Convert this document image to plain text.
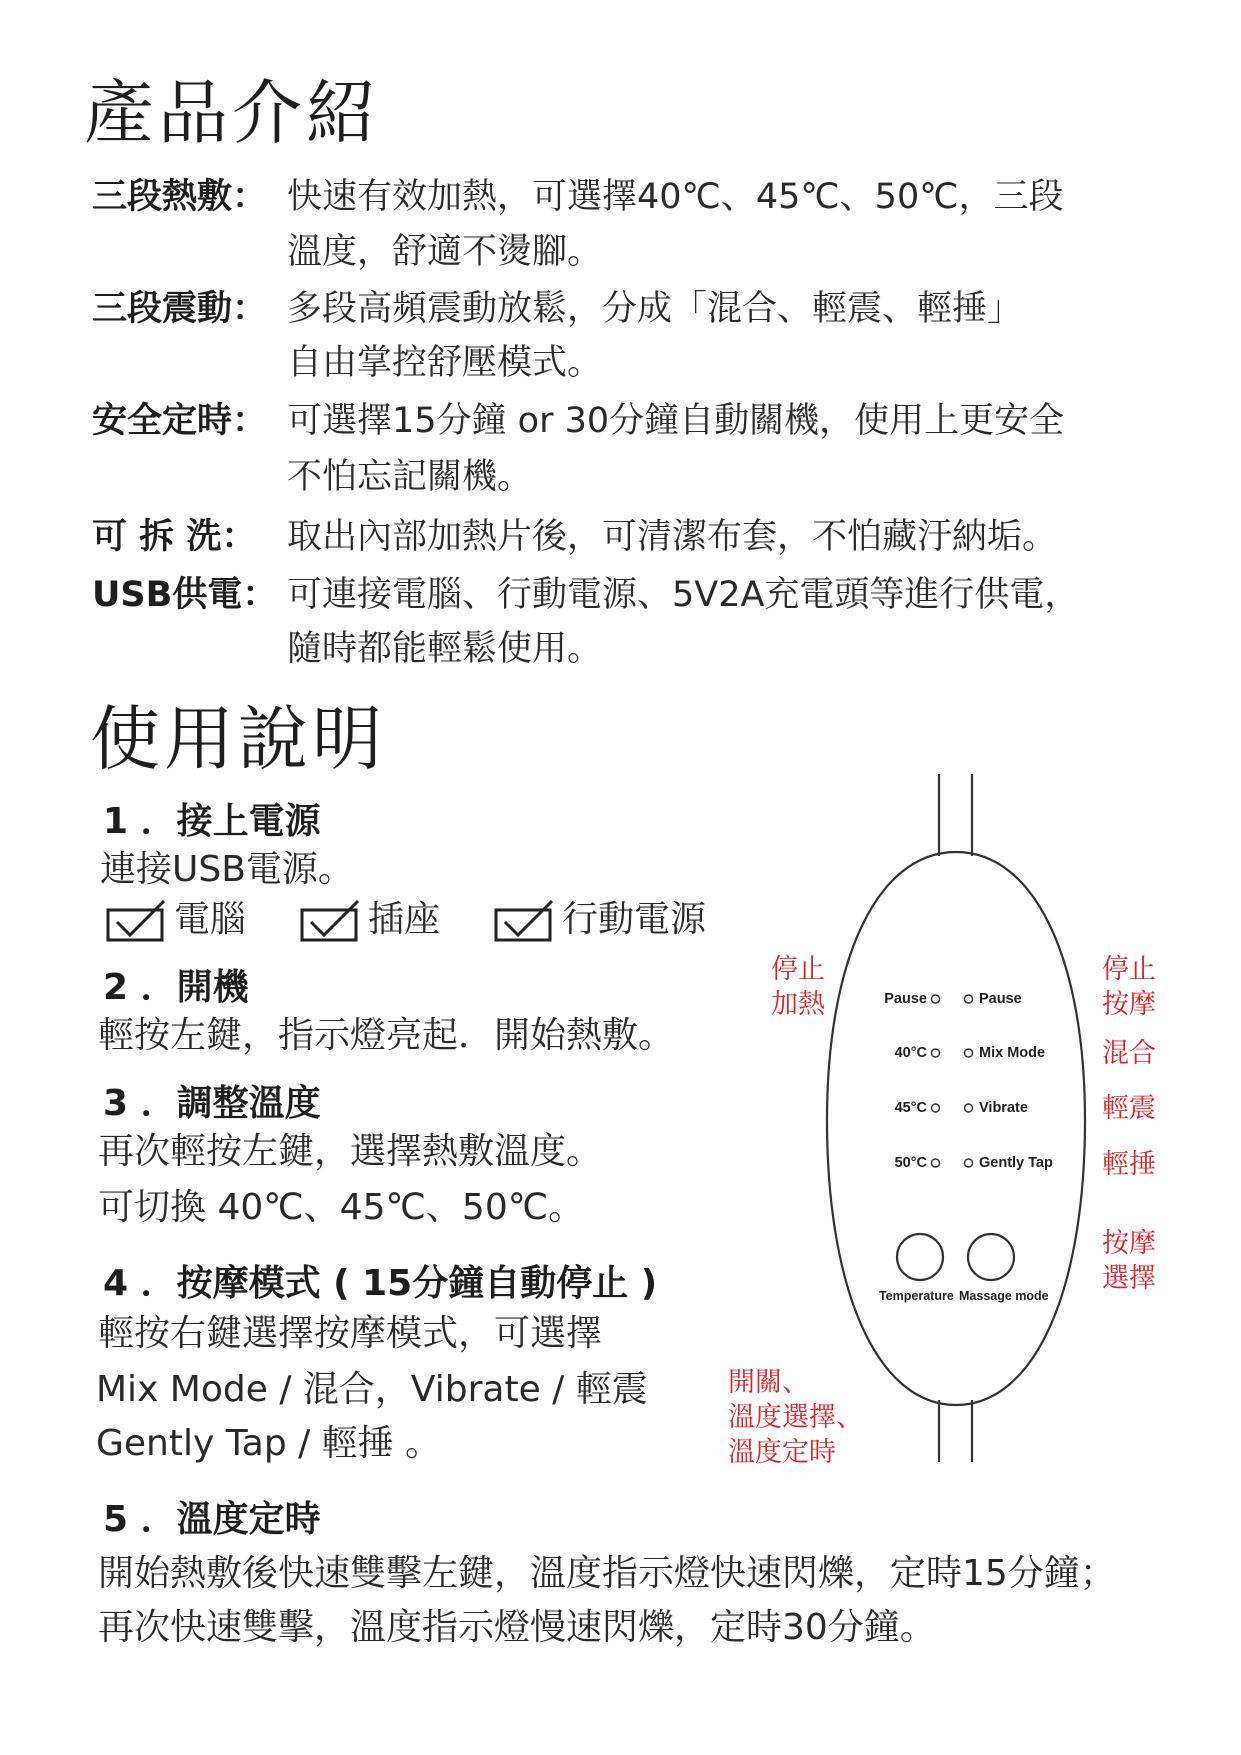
產品介紹
三段熱敷： 快速有效加熱，可選擇40℃、45℃、50℃，三段
溫度，舒適不燙腳。
三段震動： 多段高頻震動放鬆，分成「混合、輕震、輕捶」
自由掌控舒壓模式。
安全定時： 可選擇15分鐘 or 30分鐘自動關機，使用上更安全
不怕忘記關機。
可 拆 洗： 取出內部加熱片後，可清潔布套，不怕藏汙納垢。
USB供電： 可連接電腦、行動電源、5V2A充電頭等進行供電，
隨時都能輕鬆使用。
使用說明
1 ．接上電源
連接USB電源。
電腦	插座	行動電源
2 ．開機
輕按左鍵，指示燈亮起．開始熱敷。
3 ．調整溫度
再次輕按左鍵，選擇熱敷溫度。
可切換 40℃、45℃、50℃。
4 ．按摩模式 ( 15分鐘自動停止 )
輕按右鍵選擇按摩模式，可選擇
Mix Mode / 混合，Vibrate / 輕震
Gently Tap / 輕捶 。
5 ．溫度定時
開始熱敷後快速雙擊左鍵，溫度指示燈快速閃爍，定時15分鐘；
再次快速雙擊，溫度指示燈慢速閃爍，定時30分鐘。
Pause
40°C
45°C
50°C
Pause
Mix Mode
Vibrate
Gently Tap
Temperature Massage mode
停止
加熱
停止
按摩
混合
輕震
輕捶
按摩
選擇
開關、
溫度選擇、
溫度定時
